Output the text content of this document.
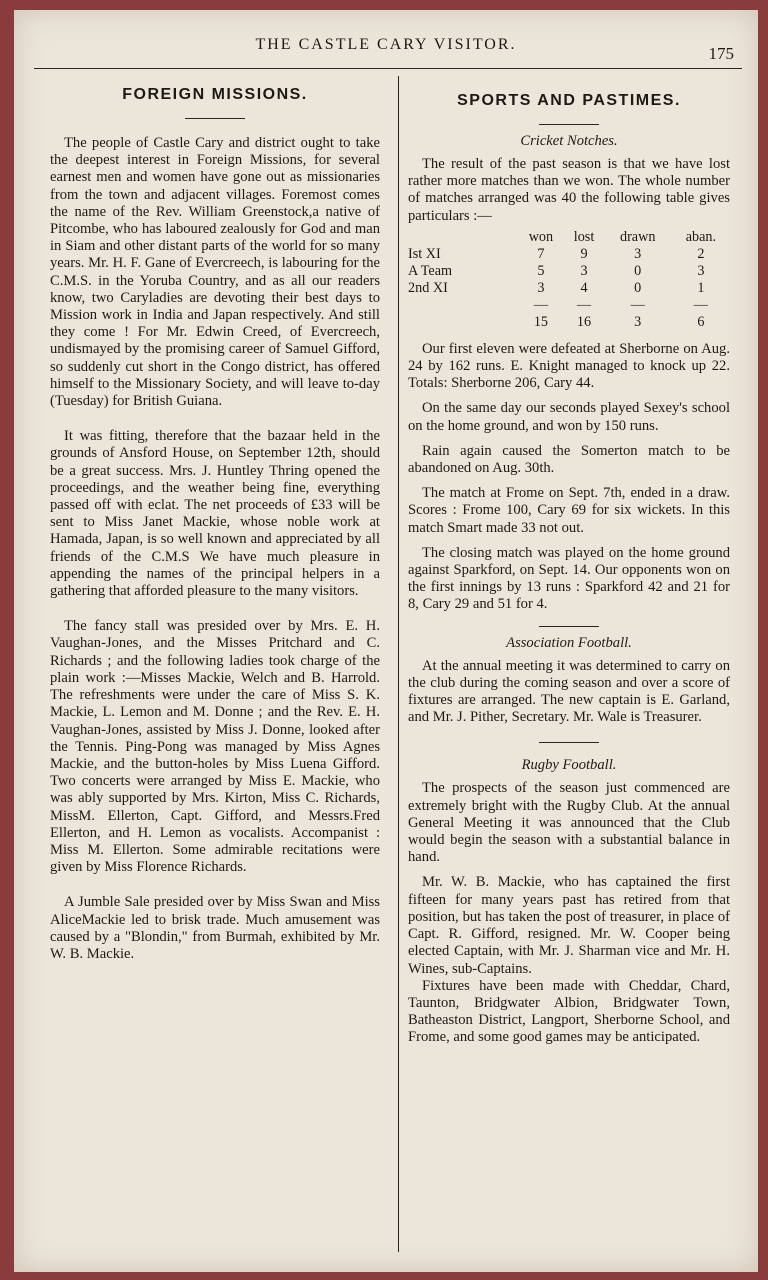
THE CASTLE CARY VISITOR.	175
FOREIGN MISSIONS.

The people of Castle Cary and district ought to take the deepest interest in Foreign Missions, for several earnest men and women have gone out as missionaries from the town and adjacent villages. Foremost comes the name of the Rev. William Greenstock,a native of Pitcombe, who has laboured zealously for God and man in Siam and other distant parts of the world for so many years. Mr. H. F. Gane of Evercreech, is labouring for the C.M.S. in the Yoruba Country, and as all our readers know, two Caryladies are devoting their best days to Mission work in India and Japan respectively. And still they come ! For Mr. Edwin Creed, of Evercreech, undismayed by the promising career of Samuel Gifford, so suddenly cut short in the Congo district, has offered himself to the Missionary Society, and will leave to-day (Tuesday) for British Guiana.

It was fitting, therefore that the bazaar held in the grounds of Ansford House, on September 12th, should be a great success. Mrs. J. Huntley Thring opened the proceedings, and the weather being fine, everything passed off with eclat. The net proceeds of £33 will be sent to Miss Janet Mackie, whose noble work at Hamada, Japan, is so well known and appreciated by all friends of the C.M.S We have much pleasure in appending the names of the principal helpers in a gathering that afforded pleasure to the many visitors.

The fancy stall was presided over by Mrs. E. H. Vaughan-Jones, and the Misses Pritchard and C. Richards ; and the following ladies took charge of the plain work :—Misses Mackie, Welch and B. Harrold. The refreshments were under the care of Miss S. K. Mackie, L. Lemon and M. Donne ; and the Rev. E. H. Vaughan-Jones, assisted by Miss J. Donne, looked after the Tennis. Ping-Pong was managed by Miss Agnes Mackie, and the button-holes by Miss Luena Gifford. Two concerts were arranged by Miss E. Mackie, who was ably supported by Mrs. Kirton, Miss C. Richards, MissM. Ellerton, Capt. Gifford, and Messrs.Fred Ellerton, and H. Lemon as vocalists. Accompanist : Miss M. Ellerton. Some admirable recitations were given by Miss Florence Richards.

A Jumble Sale presided over by Miss Swan and Miss AliceMackie led to brisk trade. Much amusement was caused by a "Blondin," from Burmah, exhibited by Mr. W. B. Mackie.

SPORTS AND PASTIMES.
Cricket Notches.

The result of the past season is that we have lost rather more matches than we won. The whole number of matches arranged was 40 the following table gives particulars :—

	won	lost	drawn	aban.
Ist XI	7	9	3	2
A Team	5	3	0	3
2nd XI	3	4	0	1
	—	—	—	—
	15	16	3	6

Our first eleven were defeated at Sherborne on Aug. 24 by 162 runs. E. Knight managed to knock up 22. Totals: Sherborne 206, Cary 44.

On the same day our seconds played Sexey's school on the home ground, and won by 150 runs.

Rain again caused the Somerton match to be abandoned on Aug. 30th.

The match at Frome on Sept. 7th, ended in a draw. Scores : Frome 100, Cary 69 for six wickets. In this match Smart made 33 not out.

The closing match was played on the home ground against Sparkford, on Sept. 14. Our opponents won on the first innings by 13 runs : Sparkford 42 and 21 for 8, Cary 29 and 51 for 4.

Association Football.

At the annual meeting it was determined to carry on the club during the coming season and over a score of fixtures are arranged. The new captain is E. Garland, and Mr. J. Pither, Secretary. Mr. Wale is Treasurer.

Rugby Football.

The prospects of the season just commenced are extremely bright with the Rugby Club. At the annual General Meeting it was announced that the Club would begin the season with a substantial balance in hand.

Mr. W. B. Mackie, who has captained the first fifteen for many years past has retired from that position, but has taken the post of treasurer, in place of Capt. R. Gifford, resigned. Mr. W. Cooper being elected Captain, with Mr. J. Sharman vice and Mr. H. Wines, sub-Captains.

Fixtures have been made with Cheddar, Chard, Taunton, Bridgwater Albion, Bridgwater Town, Batheaston District, Langport, Sherborne School, and Frome, and some good games may be anticipated.
